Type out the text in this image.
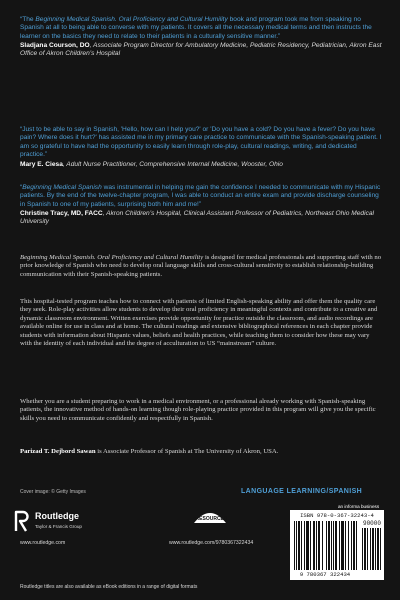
“The Beginning Medical Spanish. Oral Proficiency and Cultural Humility book and program took me from speaking no Spanish at all to being able to converse with my patients. It covers all the necessary medical terms and then instructs the learner on the basics they need to relate to their patients in a culturally sensitive manner.”

Sladjana Courson, DO, Associate Program Director for Ambulatory Medicine, Pediatric Residency, Pediatrician, Akron East Office of Akron Children’s Hospital

“Just to be able to say in Spanish, 'Hello, how can I help you?' or 'Do you have a cold? Do you have a fever? Do you have pain? Where does it hurt?' has assisted me in my primary care practice to communicate with the Spanish-speaking patient. I am so grateful to have had the opportunity to easily learn through role-play, cultural readings, writing, and dedicated practice.”

Mary E. Ciesa, Adult Nurse Practitioner, Comprehensive Internal Medicine, Wooster, Ohio

“Beginning Medical Spanish was instrumental in helping me gain the confidence I needed to communicate with my Hispanic patients. By the end of the twelve-chapter program, I was able to conduct an entire exam and provide discharge counseling in Spanish to one of my patients, surprising both him and me!”

Christine Tracy, MD, FACC, Akron Children’s Hospital, Clinical Assistant Professor of Pediatrics, Northeast Ohio Medical University

Beginning Medical Spanish. Oral Proficiency and Cultural Humility is designed for medical professionals and supporting staff with no prior knowledge of Spanish who need to develop oral language skills and cross-cultural sensitivity to establish relationship-building communication with their Spanish-speaking patients.

This hospital-tested program teaches how to connect with patients of limited English-speaking ability and offer them the quality care they seek. Role-play activities allow students to develop their oral proficiency in meaningful contexts and contribute to a creative and dynamic classroom environment. Written exercises provide opportunity for practice outside the classroom, and audio recordings are available online for use in class and at home. The cultural readings and extensive bibliographical references in each chapter provide students with information about Hispanic values, beliefs and health practices, while teaching them to consider how these may vary with the identity of each individual and the degree of acculturation to US “mainstream” culture.

Whether you are a student preparing to work in a medical environment, or a professional already working with Spanish-speaking patients, the innovative method of hands-on learning though role-playing practice provided in this program will give you the specific skills you need to communicate confidently and respectfully in Spanish.

Parizad T. Dejbord Sawan is Associate Professor of Spanish at The University of Akron, USA.

Cover image: © Getty Images	LANGUAGE LEARNING/SPANISH
an informa business
Routledge
Taylor & Francis Group
www.routledge.com
eRESOURCES
www.routledge.com/9780367322434
ISBN 978-0-367-32243-4
90000
9 780367 322434
Routledge titles are also available as eBook editions in a range of digital formats
